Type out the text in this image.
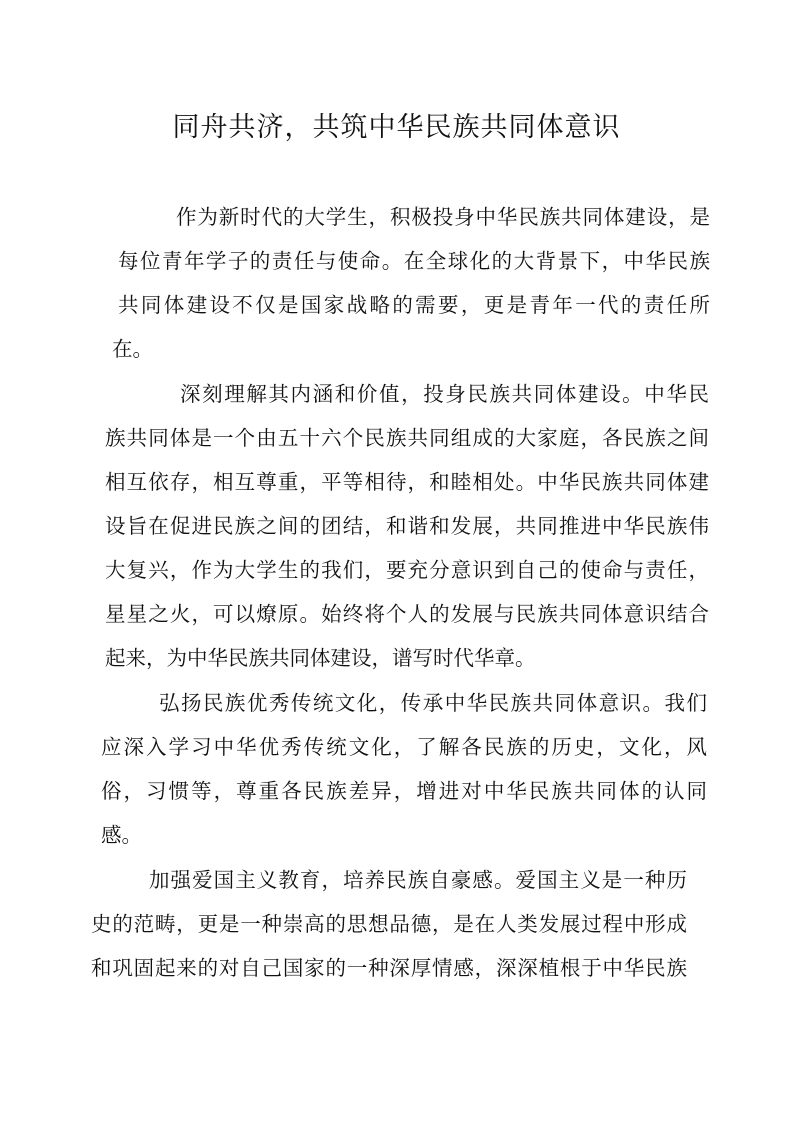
同舟共济，共筑中华民族共同体意识
作为新时代的大学生，积极投身中华民族共同体建设，是
每位青年学子的责任与使命。在全球化的大背景下，中华民族
共同体建设不仅是国家战略的需要，更是青年一代的责任所
在。
深刻理解其内涵和价值，投身民族共同体建设。中华民
族共同体是一个由五十六个民族共同组成的大家庭，各民族之间
相互依存，相互尊重，平等相待，和睦相处。中华民族共同体建
设旨在促进民族之间的团结，和谐和发展，共同推进中华民族伟
大复兴，作为大学生的我们，要充分意识到自己的使命与责任，
星星之火，可以燎原。始终将个人的发展与民族共同体意识结合
起来，为中华民族共同体建设，谱写时代华章。
弘扬民族优秀传统文化，传承中华民族共同体意识。我们
应深入学习中华优秀传统文化，了解各民族的历史，文化，风
俗，习惯等，尊重各民族差异，增进对中华民族共同体的认同
感。
加强爱国主义教育，培养民族自豪感。爱国主义是一种历
史的范畴，更是一种崇高的思想品德，是在人类发展过程中形成
和巩固起来的对自己国家的一种深厚情感，深深植根于中华民族
